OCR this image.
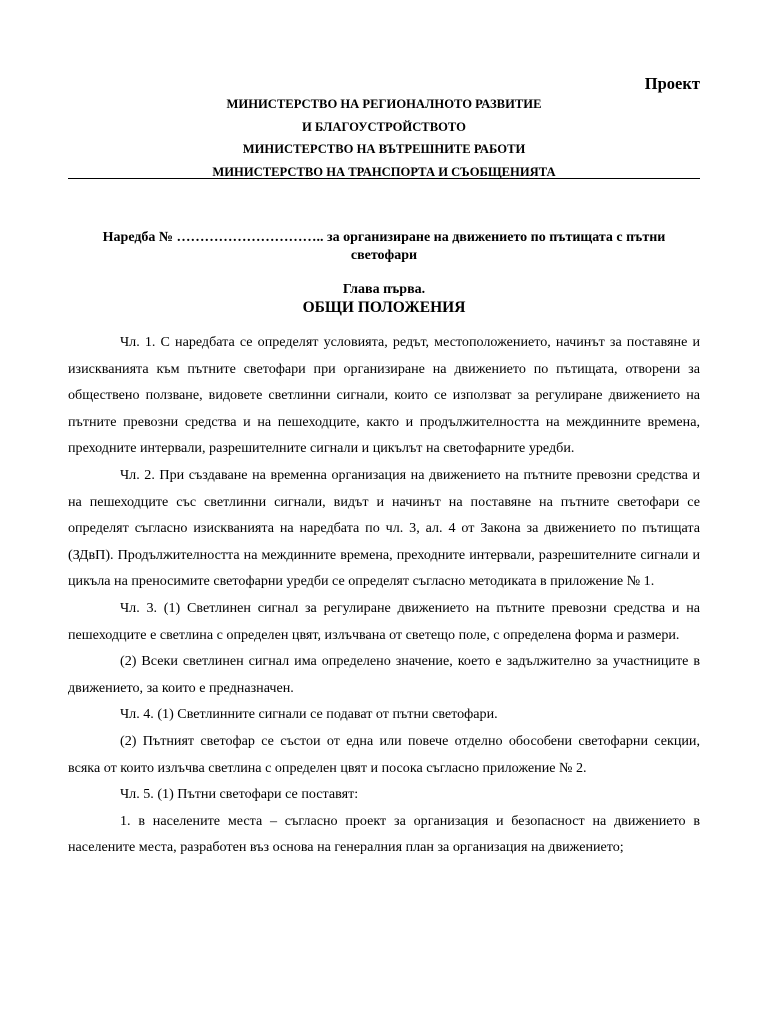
Проект
МИНИСТЕРСТВО НА РЕГИОНАЛНОТО РАЗВИТИЕ
И БЛАГОУСТРОЙСТВОТО
МИНИСТЕРСТВО НА ВЪТРЕШНИТЕ РАБОТИ
МИНИСТЕРСТВО НА ТРАНСПОРТА И СЪОБЩЕНИЯТА
Наредба № ………………………….. за организиране на движението по пътищата с пътни светофари
Глава първа.
ОБЩИ ПОЛОЖЕНИЯ

Чл. 1. С наредбата се определят условията, редът, местоположението, начинът за поставяне и изискванията към пътните светофари при организиране на движението по пътищата, отворени за обществено ползване, видовете светлинни сигнали, които се използват за регулиране движението на пътните превозни средства и на пешеходците, както и продължителността на междинните времена, преходните интервали, разрешителните сигнали и цикълът на светофарните уредби.

Чл. 2. При създаване на временна организация на движението на пътните превозни средства и на пешеходците със светлинни сигнали, видът и начинът на поставяне на пътните светофари се определят съгласно изискванията на наредбата по чл. 3, ал. 4 от Закона за движението по пътищата (ЗДвП). Продължителността на междинните времена, преходните интервали, разрешителните сигнали и цикъла на преносимите светофарни уредби се определят съгласно методиката в приложение № 1.

Чл. 3. (1) Светлинен сигнал за регулиране движението на пътните превозни средства и на пешеходците е светлина с определен цвят, излъчвана от светещо поле, с определена форма и размери.

(2) Всеки светлинен сигнал има определено значение, което е задължително за участниците в движението, за които е предназначен.

Чл. 4. (1) Светлинните сигнали се подават от пътни светофари.

(2) Пътният светофар се състои от една или повече отделно обособени светофарни секции, всяка от които излъчва светлина с определен цвят и посока съгласно приложение № 2.

Чл. 5. (1) Пътни светофари се поставят:

1. в населените места – съгласно проект за организация и безопасност на движението в населените места, разработен въз основа на генералния план за организация на движението;
